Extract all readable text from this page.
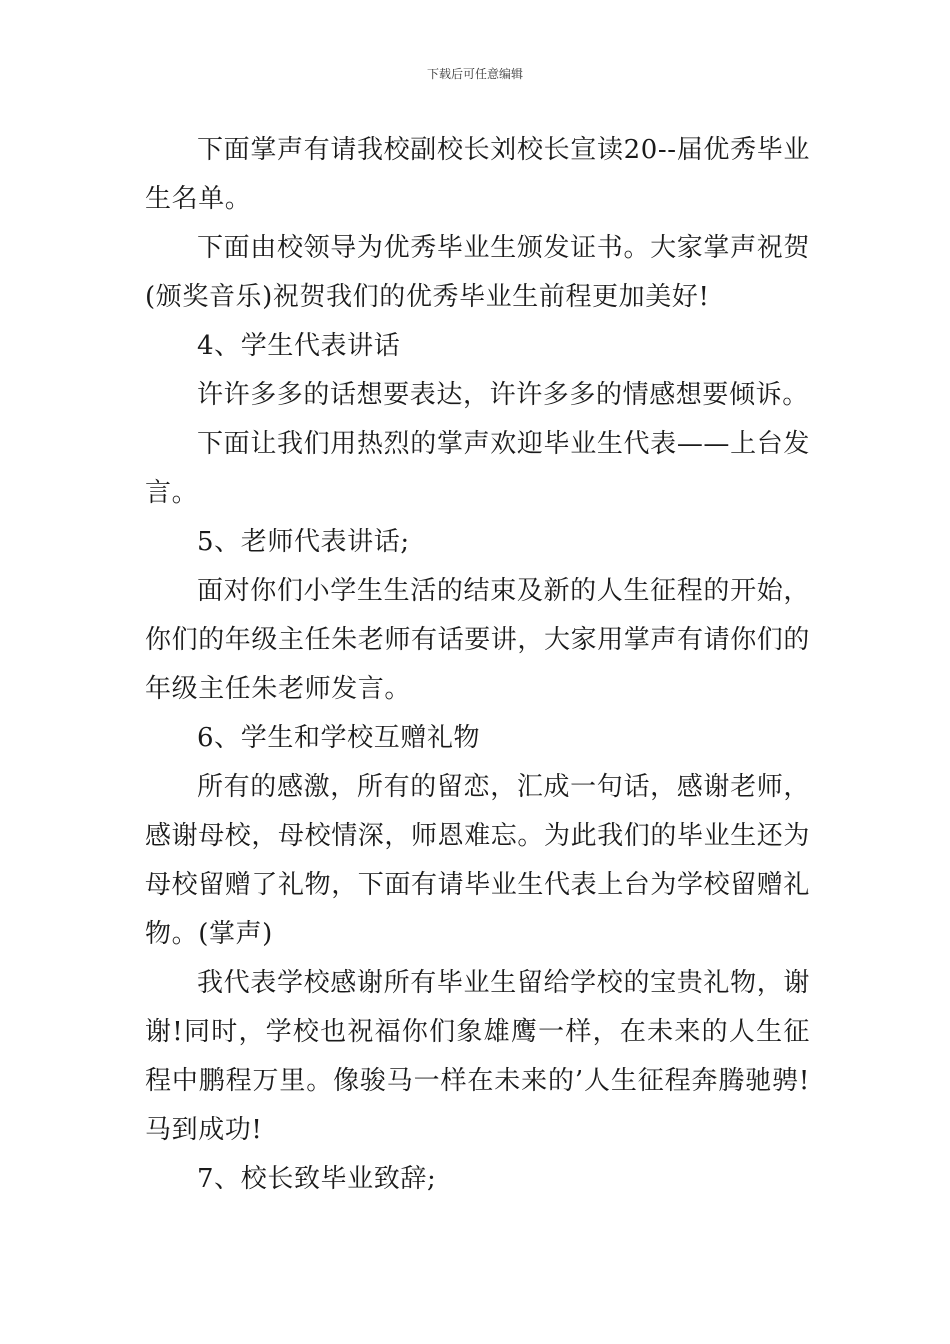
下载后可任意编辑

下面掌声有请我校副校长刘校长宣读20--届优秀毕业生名单。

下面由校领导为优秀毕业生颁发证书。大家掌声祝贺(颁奖音乐)祝贺我们的优秀毕业生前程更加美好!

4、学生代表讲话

许许多多的话想要表达，许许多多的情感想要倾诉。

下面让我们用热烈的掌声欢迎毕业生代表——上台发言。

5、老师代表讲话;

面对你们小学生生活的结束及新的人生征程的开始，你们的年级主任朱老师有话要讲，大家用掌声有请你们的年级主任朱老师发言。

6、学生和学校互赠礼物

所有的感激，所有的留恋，汇成一句话，感谢老师，感谢母校，母校情深，师恩难忘。为此我们的毕业生还为母校留赠了礼物，下面有请毕业生代表上台为学校留赠礼物。(掌声)

我代表学校感谢所有毕业生留给学校的宝贵礼物，谢谢!同时，学校也祝福你们象雄鹰一样，在未来的人生征程中鹏程万里。像骏马一样在未来的’人生征程奔腾驰骋!马到成功!

7、校长致毕业致辞;
